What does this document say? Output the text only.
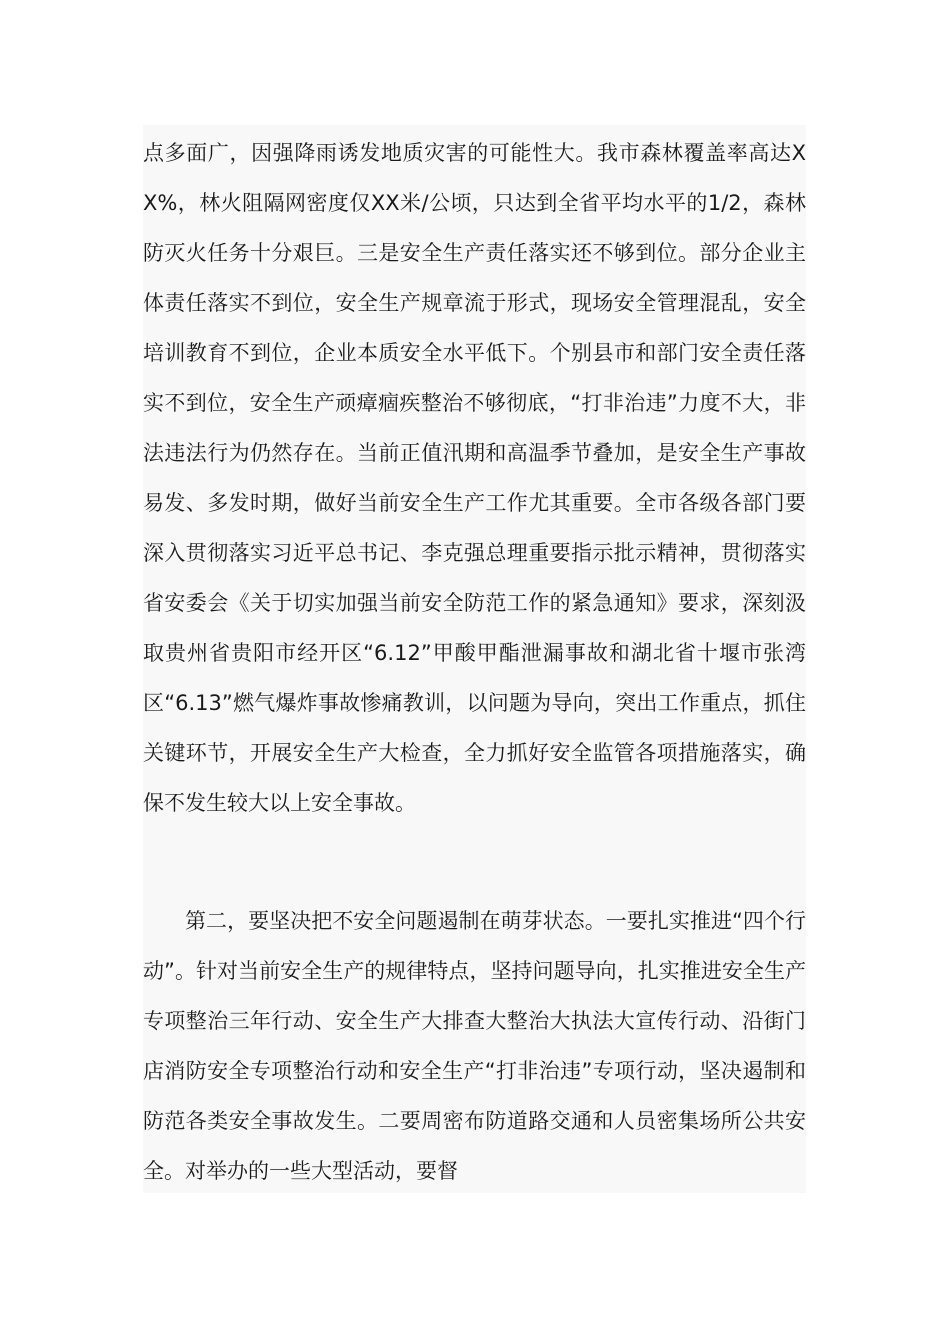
点多面广，因强降雨诱发地质灾害的可能性大。我市森林覆盖率高达XX%，林火阻隔网密度仅XX米/公顷，只达到全省平均水平的1/2，森林防灭火任务十分艰巨。三是安全生产责任落实还不够到位。部分企业主体责任落实不到位，安全生产规章流于形式，现场安全管理混乱，安全培训教育不到位，企业本质安全水平低下。个别县市和部门安全责任落实不到位，安全生产顽瘴痼疾整治不够彻底，“打非治违”力度不大，非法违法行为仍然存在。当前正值汛期和高温季节叠加，是安全生产事故易发、多发时期，做好当前安全生产工作尤其重要。全市各级各部门要深入贯彻落实习近平总书记、李克强总理重要指示批示精神，贯彻落实省安委会《关于切实加强当前安全防范工作的紧急通知》要求，深刻汲取贵州省贵阳市经开区“6.12”甲酸甲酯泄漏事故和湖北省十堰市张湾区“6.13”燃气爆炸事故惨痛教训，以问题为导向，突出工作重点，抓住关键环节，开展安全生产大检查，全力抓好安全监管各项措施落实，确保不发生较大以上安全事故。

第二，要坚决把不安全问题遏制在萌芽状态。一要扎实推进“四个行动”。针对当前安全生产的规律特点，坚持问题导向，扎实推进安全生产专项整治三年行动、安全生产大排查大整治大执法大宣传行动、沿街门店消防安全专项整治行动和安全生产“打非治违”专项行动，坚决遏制和防范各类安全事故发生。二要周密布防道路交通和人员密集场所公共安全。对举办的一些大型活动，要督
